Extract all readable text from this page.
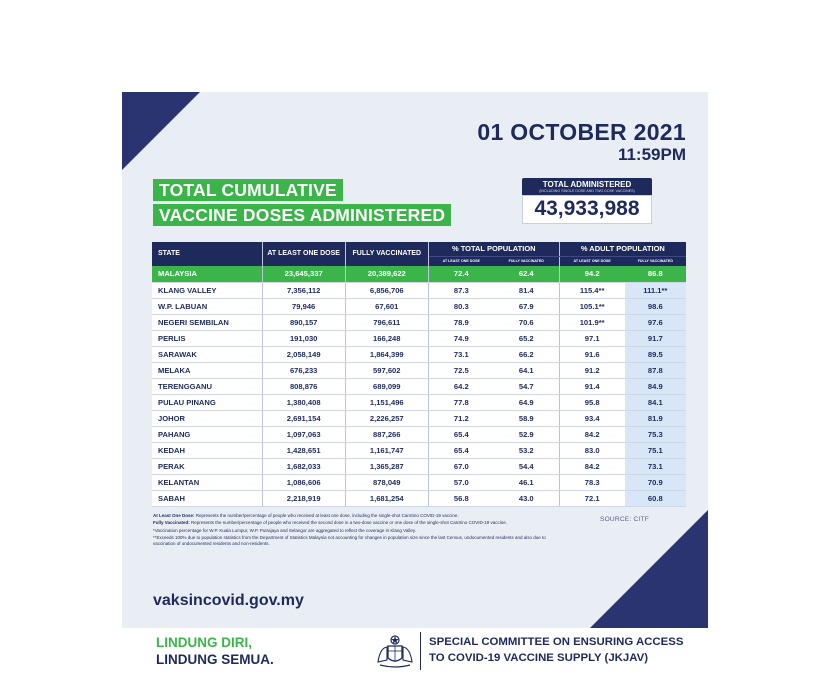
01 OCTOBER 2021
11:59PM
TOTAL CUMULATIVE
VACCINE DOSES ADMINISTERED
TOTAL ADMINISTERED
(INCLUDING SINGLE DOSE AND TWO DOSE VACCINES)
43,933,988
STATE	AT LEAST ONE DOSE	FULLY VACCINATED	% TOTAL POPULATION		% ADULT POPULATION	
			AT LEAST ONE DOSE	FULLY VACCINATED	AT LEAST ONE DOSE	FULLY VACCINATED
MALAYSIA	23,645,337	20,389,622	72.4	62.4	94.2	86.8
KLANG VALLEY	7,356,112	6,856,706	87.3	81.4	115.4**	111.1**
W.P. LABUAN	79,946	67,601	80.3	67.9	105.1**	98.6
NEGERI SEMBILAN	890,157	796,611	78.9	70.6	101.9**	97.6
PERLIS	191,030	166,248	74.9	65.2	97.1	91.7
SARAWAK	2,058,149	1,864,399	73.1	66.2	91.6	89.5
MELAKA	676,233	597,602	72.5	64.1	91.2	87.8
TERENGGANU	808,876	689,099	64.2	54.7	91.4	84.9
PULAU PINANG	1,380,408	1,151,496	77.8	64.9	95.8	84.1
JOHOR	2,691,154	2,226,257	71.2	58.9	93.4	81.9
PAHANG	1,097,063	887,266	65.4	52.9	84.2	75.3
KEDAH	1,428,651	1,161,747	65.4	53.2	83.0	75.1
PERAK	1,682,033	1,365,287	67.0	54.4	84.2	73.1
KELANTAN	1,086,606	878,049	57.0	46.1	78.3	70.9
SABAH	2,218,919	1,681,254	56.8	43.0	72.1	60.8

At Least One Dose: Represents the number/percentage of people who received at least one dose, including the single-shot CanSino COVID-19 vaccine.

Fully Vaccinated: Represents the number/percentage of people who received the second dose in a two-dose vaccine or one dose of the single-shot CanSino COVID-19 vaccine.

*Vaccination percentage for W.P. Kuala Lumpur, W.P. Putrajaya and Selangor are aggregated to reflect the coverage in Klang Valley.

**Exceeds 100% due to population statistics from the Department of Statistics Malaysia not accounting for changes in population size since the last Census, undocumented residents and also due to vaccination of undocumented residents and non-residents.

SOURCE: CITF
vaksincovid.gov.my
LINDUNG DIRI,
LINDUNG SEMUA.
SPECIAL COMMITTEE ON ENSURING ACCESS
TO COVID-19 VACCINE SUPPLY (JKJAV)
